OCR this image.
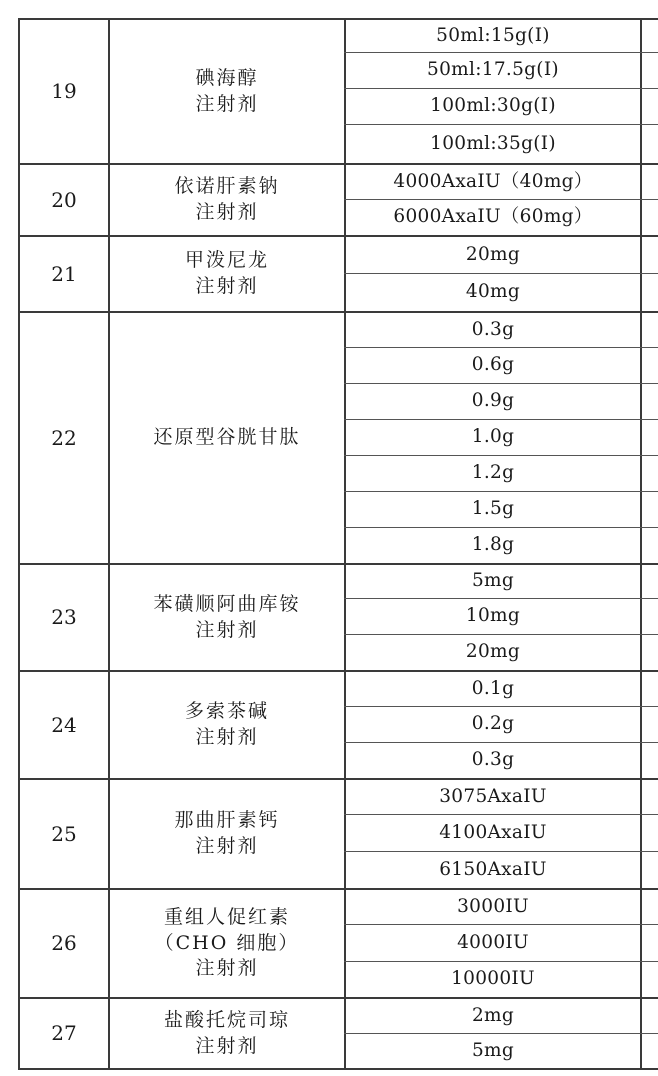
19
碘海醇
注射剂
50ml:15g(I)
50ml:17.5g(I)
100ml:30g(I)
100ml:35g(I)
20
依诺肝素钠
注射剂
4000AxaIU（40mg）
6000AxaIU（60mg）
21
甲泼尼龙
注射剂
20mg
40mg
22	还原型谷胱甘肽
0.3g
0.6g
0.9g
1.0g
1.2g
1.5g
1.8g
23
苯磺顺阿曲库铵
注射剂
5mg
10mg
20mg
24
多索茶碱
注射剂
0.1g
0.2g
0.3g
25
那曲肝素钙
注射剂
3075AxaIU
4100AxaIU
6150AxaIU
26
重组人促红素
（CHO 细胞）
注射剂
3000IU
4000IU
10000IU
27
盐酸托烷司琼
注射剂
2mg
5mg
